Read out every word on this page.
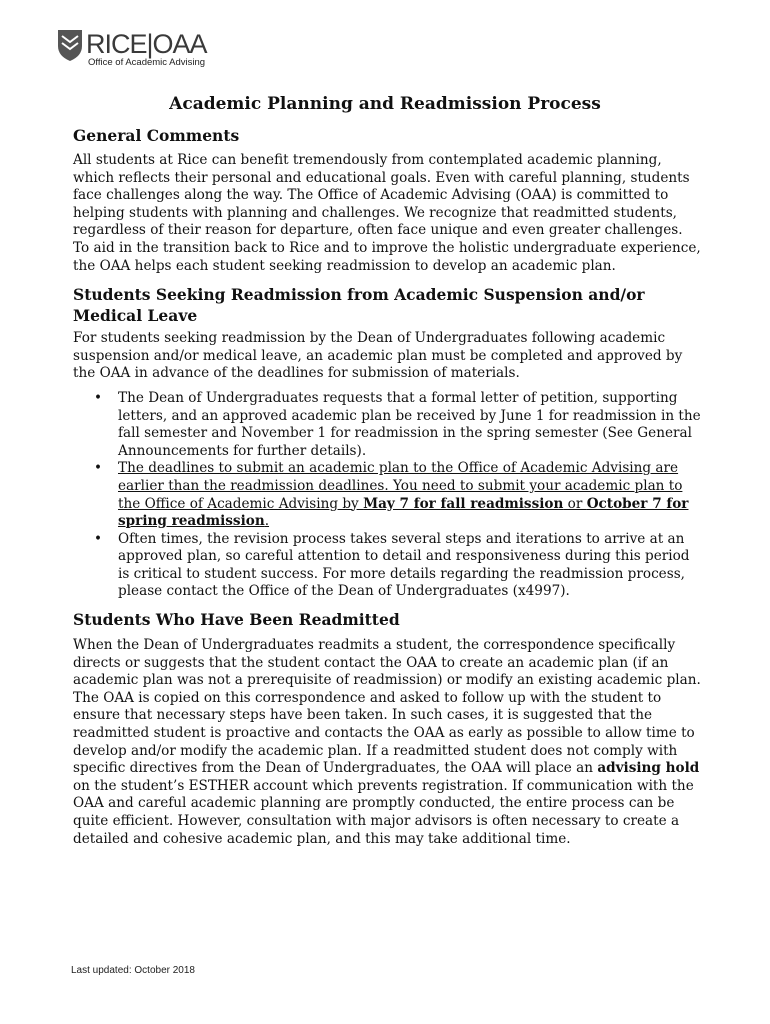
RICE|OAA
Office of Academic Advising
Academic Planning and Readmission Process
General Comments

All students at Rice can benefit tremendously from contemplated academic planning, which reflects their personal and educational goals. Even with careful planning, students face challenges along the way. The Office of Academic Advising (OAA) is committed to helping students with planning and challenges. We recognize that readmitted students, regardless of their reason for departure, often face unique and even greater challenges. To aid in the transition back to Rice and to improve the holistic undergraduate experience, the OAA helps each student seeking readmission to develop an academic plan.

Students Seeking Readmission from Academic Suspension and/or Medical Leave

For students seeking readmission by the Dean of Undergraduates following academic suspension and/or medical leave, an academic plan must be completed and approved by the OAA in advance of the deadlines for submission of materials.

• The Dean of Undergraduates requests that a formal letter of petition, supporting letters, and an approved academic plan be received by June 1 for readmission in the fall semester and November 1 for readmission in the spring semester (See General Announcements for further details).
• The deadlines to submit an academic plan to the Office of Academic Advising are earlier than the readmission deadlines. You need to submit your academic plan to the Office of Academic Advising by May 7 for fall readmission or October 7 for spring readmission.
• Often times, the revision process takes several steps and iterations to arrive at an approved plan, so careful attention to detail and responsiveness during this period is critical to student success. For more details regarding the readmission process, please contact the Office of the Dean of Undergraduates (x4997).
Students Who Have Been Readmitted

When the Dean of Undergraduates readmits a student, the correspondence specifically directs or suggests that the student contact the OAA to create an academic plan (if an academic plan was not a prerequisite of readmission) or modify an existing academic plan. The OAA is copied on this correspondence and asked to follow up with the student to ensure that necessary steps have been taken. In such cases, it is suggested that the readmitted student is proactive and contacts the OAA as early as possible to allow time to develop and/or modify the academic plan. If a readmitted student does not comply with specific directives from the Dean of Undergraduates, the OAA will place an advising hold on the student’s ESTHER account which prevents registration. If communication with the OAA and careful academic planning are promptly conducted, the entire process can be quite efficient. However, consultation with major advisors is often necessary to create a detailed and cohesive academic plan, and this may take additional time.

Last updated: October 2018
